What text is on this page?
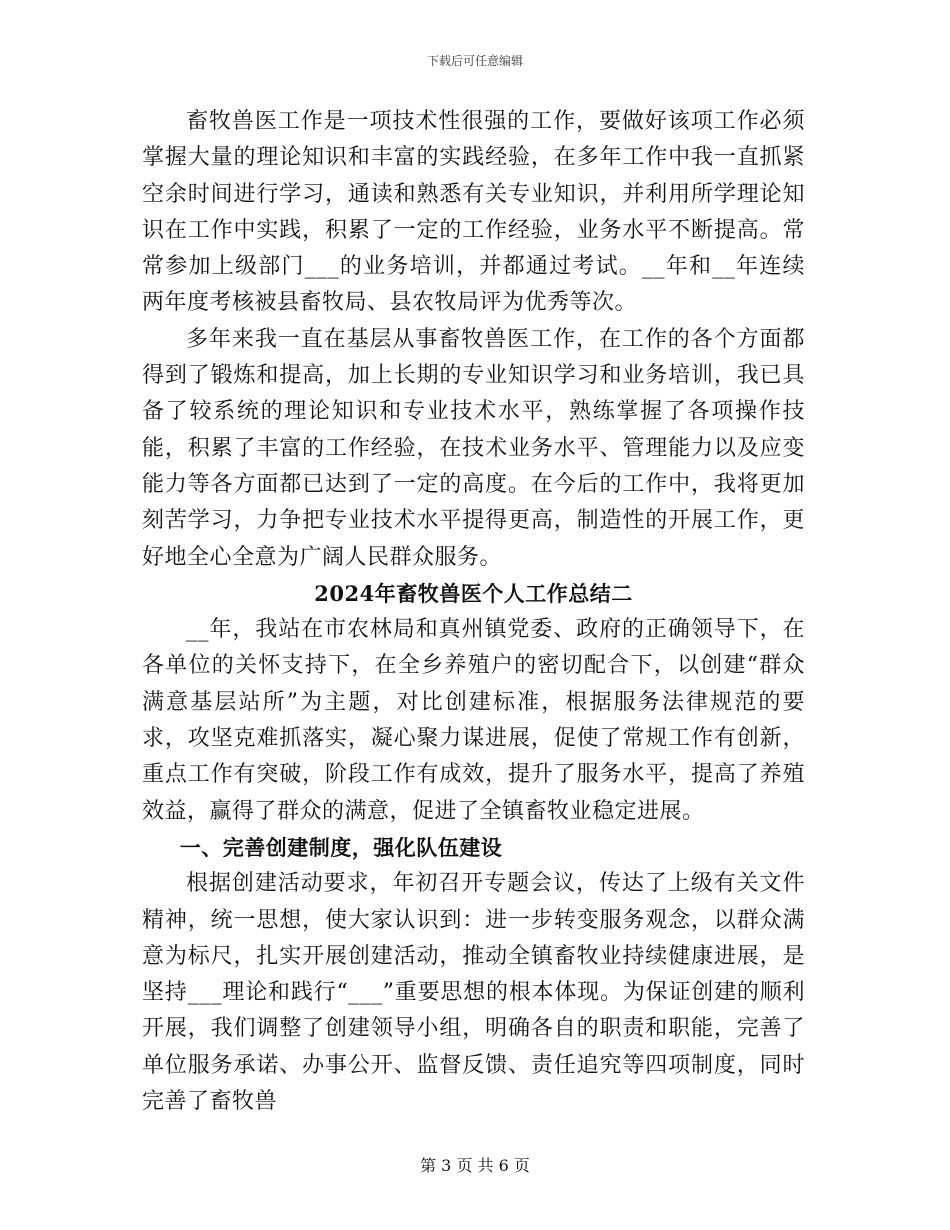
下载后可任意编辑

畜牧兽医工作是一项技术性很强的工作，要做好该项工作必须掌握大量的理论知识和丰富的实践经验，在多年工作中我一直抓紧空余时间进行学习，通读和熟悉有关专业知识，并利用所学理论知识在工作中实践，积累了一定的工作经验，业务水平不断提高。常常参加上级部门___的业务培训，并都通过考试。__年和__年连续两年度考核被县畜牧局、县农牧局评为优秀等次。

多年来我一直在基层从事畜牧兽医工作，在工作的各个方面都得到了锻炼和提高，加上长期的专业知识学习和业务培训，我已具备了较系统的理论知识和专业技术水平，熟练掌握了各项操作技能，积累了丰富的工作经验，在技术业务水平、管理能力以及应变能力等各方面都已达到了一定的高度。在今后的工作中，我将更加刻苦学习，力争把专业技术水平提得更高，制造性的开展工作，更好地全心全意为广阔人民群众服务。

2024年畜牧兽医个人工作总结二

__年，我站在市农林局和真州镇党委、政府的正确领导下，在各单位的关怀支持下，在全乡养殖户的密切配合下，以创建“群众满意基层站所”为主题，对比创建标准，根据服务法律规范的要求，攻坚克难抓落实，凝心聚力谋进展，促使了常规工作有创新，重点工作有突破，阶段工作有成效，提升了服务水平，提高了养殖效益，赢得了群众的满意，促进了全镇畜牧业稳定进展。

一、完善创建制度，强化队伍建设

根据创建活动要求，年初召开专题会议，传达了上级有关文件精神，统一思想，使大家认识到：进一步转变服务观念，以群众满意为标尺，扎实开展创建活动，推动全镇畜牧业持续健康进展，是坚持___理论和践行“___”重要思想的根本体现。为保证创建的顺利开展，我们调整了创建领导小组，明确各自的职责和职能，完善了单位服务承诺、办事公开、监督反馈、责任追究等四项制度，同时完善了畜牧兽

第 3 页 共 6 页
